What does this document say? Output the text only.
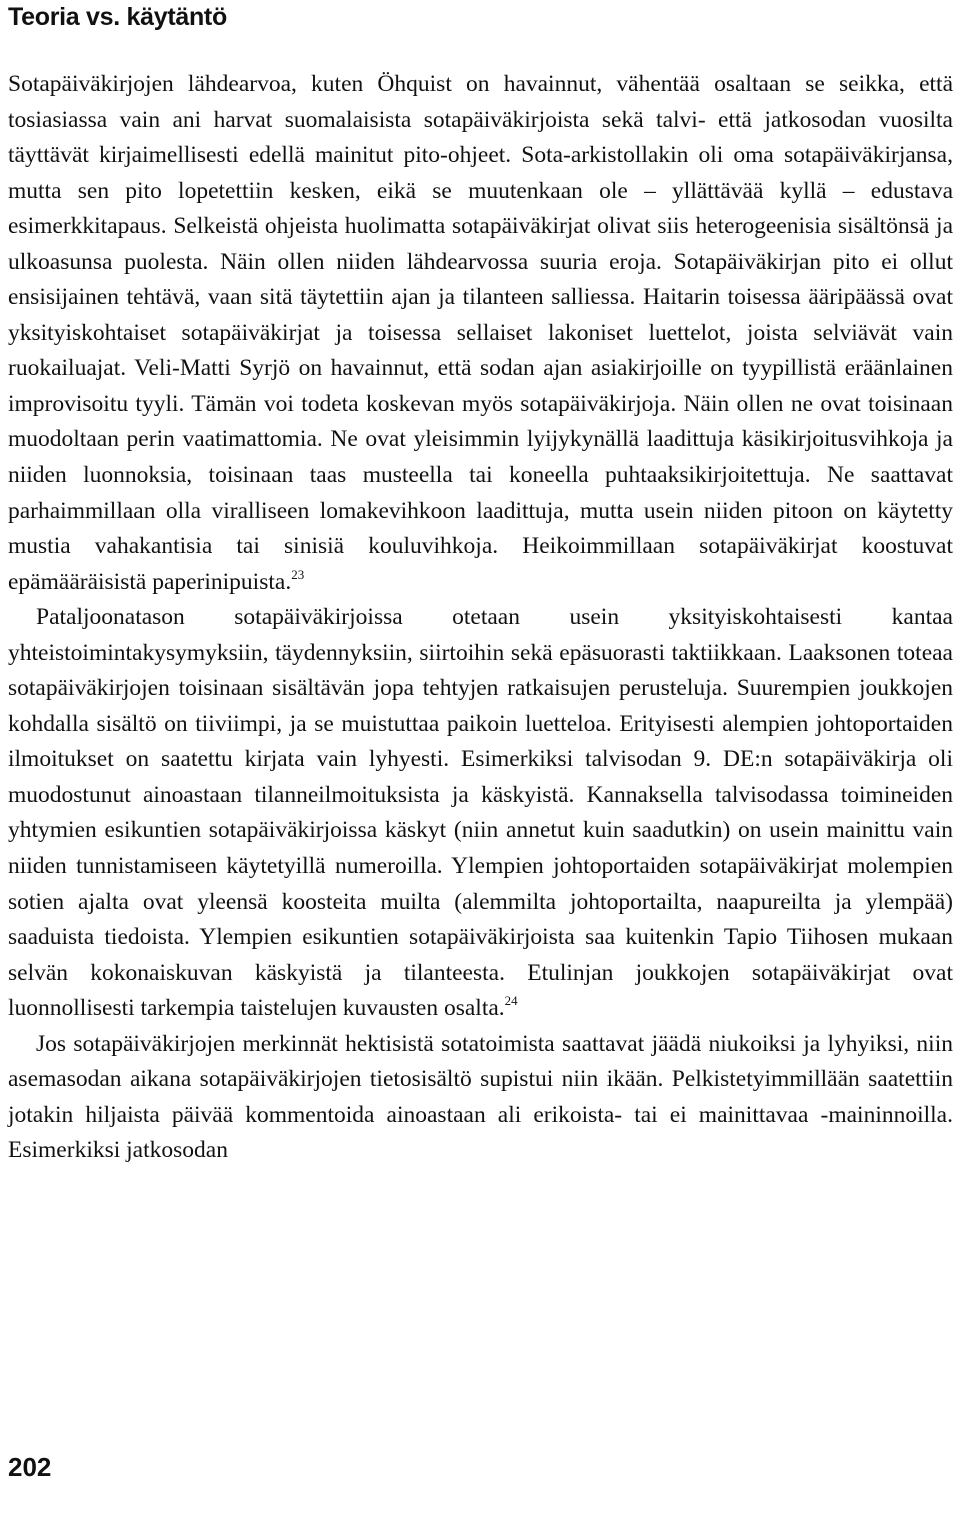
Teoria vs. käytäntö

Sotapäiväkirjojen lähdearvoa, kuten Öhquist on havainnut, vähentää osaltaan se seikka, että tosiasiassa vain ani harvat suomalaisista sotapäiväkirjoista sekä talvi- että jatkosodan vuosilta täyttävät kirjaimellisesti edellä mainitut pito-ohjeet. Sota-arkistollakin oli oma sotapäiväkirjansa, mutta sen pito lopetettiin kesken, eikä se muutenkaan ole – yllättävää kyllä – edustava esimerkkitapaus. Selkeistä ohjeista huolimatta sotapäiväkirjat olivat siis heterogeenisia sisältönsä ja ulkoasunsa puolesta. Näin ollen niiden lähdearvossa suuria eroja. Sotapäiväkirjan pito ei ollut ensisijainen tehtävä, vaan sitä täytettiin ajan ja tilanteen salliessa. Haitarin toisessa ääripäässä ovat yksityiskohtaiset sotapäiväkirjat ja toisessa sellaiset lakoniset luettelot, joista selviävät vain ruokailuajat. Veli-Matti Syrjö on havainnut, että sodan ajan asiakirjoille on tyypillistä eräänlainen improvisoitu tyyli. Tämän voi todeta koskevan myös sotapäiväkirjoja. Näin ollen ne ovat toisinaan muodoltaan perin vaatimattomia. Ne ovat yleisimmin lyijykynällä laadittuja käsikirjoitusvihkoja ja niiden luonnoksia, toisinaan taas musteella tai koneella puhtaaksikirjoitettuja. Ne saattavat parhaimmillaan olla viralliseen lomakevihkoon laadittuja, mutta usein niiden pitoon on käytetty mustia vahakantisia tai sinisiä kouluvihkoja. Heikoimmillaan sotapäiväkirjat koostuvat epämääräisistä paperinipuista.$^{23}$

Pataljoonatason sotapäiväkirjoissa otetaan usein yksityiskohtaisesti kantaa yhteistoimintakysymyksiin, täydennyksiin, siirtoihin sekä epäsuorasti taktiikkaan. Laaksonen toteaa sotapäiväkirjojen toisinaan sisältävän jopa tehtyjen ratkaisujen perusteluja. Suurempien joukkojen kohdalla sisältö on tiiviimpi, ja se muistuttaa paikoin luetteloa. Erityisesti alempien johtoportaiden ilmoitukset on saatettu kirjata vain lyhyesti. Esimerkiksi talvisodan 9. DE:n sotapäiväkirja oli muodostunut ainoastaan tilanneilmoituksista ja käskyistä. Kannaksella talvisodassa toimineiden yhtymien esikuntien sotapäiväkirjoissa käskyt (niin annetut kuin saadutkin) on usein mainittu vain niiden tunnistamiseen käytetyillä numeroilla. Ylempien johtoportaiden sotapäiväkirjat molempien sotien ajalta ovat yleensä koosteita muilta (alemmilta johtoportailta, naapureilta ja ylempää) saaduista tiedoista. Ylempien esikuntien sotapäiväkirjoista saa kuitenkin Tapio Tiihosen mukaan selvän kokonaiskuvan käskyistä ja tilanteesta. Etulinjan joukkojen sotapäiväkirjat ovat luonnollisesti tarkempia taistelujen kuvausten osalta.$^{24}$

Jos sotapäiväkirjojen merkinnät hektisistä sotatoimista saattavat jäädä niukoiksi ja lyhyiksi, niin asemasodan aikana sotapäiväkirjojen tietosisältö supistui niin ikään. Pelkistetyimmillään saatettiin jotakin hiljaista päivää kommentoida ainoastaan ali erikoista- tai ei mainittavaa -maininnoilla. Esimerkiksi jatkosodan

202
